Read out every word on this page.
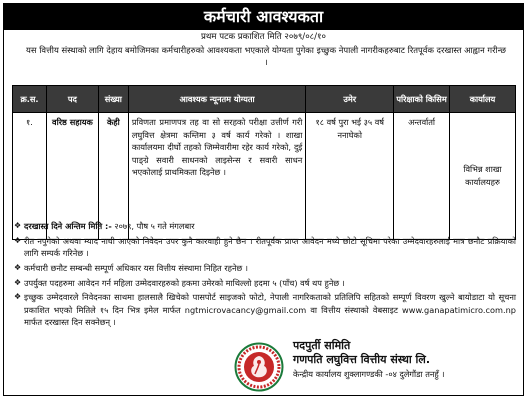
कर्मचारी आवश्यकता
प्रथम पटक प्रकाशित मिति २०७९/०८/१०
यस वित्तीय संस्थाको लागि देहाय बमोजिमका कर्मचारीहरुको आवश्यकता भएकाले योग्यता पुगेका इच्छुक नेपाली नागरीकहरुबाट रितपूर्वक दरखास्त आह्वान गरीन्छ ।
क्र.स.	पद	संख्या	आवश्यक न्यूनतम योग्यता	उमेर	परिक्षाको किसिम	कार्यालय
१.	वरिष्ठ सहायक	केही	प्रविणता प्रमाणपत्र तह वा सो सरहको परीक्षा उत्तीर्ण गरी लघुवित्त क्षेत्रमा कम्तिमा ३ वर्ष कार्य गरेको । शाखा कार्यालयमा दीर्घो तहको जिम्मेवारीमा रहेर कार्य गरेको, दुई पाङ्ग्रे सवारी साधनको लाइसेन्स र सवारी साधन भएकोलाई प्राथमिकता दिइनेछ ।	१८ वर्ष पुरा भई ३५ वर्ष ननाघेको	अन्तर्वार्ता	विभिन्न शाखा कार्यालयहरु
❖ दरखास्त दिने अन्तिम मिति :- २०७९, पौष ५ गते मंगलबार
❖ रीत नपुगेको अथवा म्याद नाघी आएको निवेदन उपर कुनै कारवाही हुने छैन । रीतपूर्वक प्राप्त आवेदन मध्ये छोटो सूचिमा परेका उम्मेदवारहरुलाई मात्र छनौट प्रक्रियाको लागि सम्पर्क गरिनेछ ।
❖ कर्मचारी छनौट सम्बन्धी सम्पूर्ण अधिकार यस वित्तीय संस्थामा निहित रहनेछ ।
❖ उपर्युक्त पदहरुमा आवेदन गर्न महिला उम्मेदवारहरुको हकमा उमेरको माथिल्लो हदमा ५ (पाँच) वर्ष थप हुनेछ ।
❖ इच्छुक उम्मेदवारले निवेदनका साथमा हालसालै खिचेको पासपोर्ट साइजको फोटो, नेपाली नागरिकताको प्रतिलिपि सहितको सम्पूर्ण विवरण खुल्ने बायोडाटा यो सूचना प्रकाशित भएको मितिले १५ दिन भित्र इमेल मार्फत ngtmicrovacancy@gmail.com वा वित्तीय संस्थाको वेबसाइट www.ganapatimicro.com.np मार्फत दरखास्त दिन सक्नेछन् ।
पदपुर्ती समिति
गणपति लघुवित्त वित्तीय संस्था लि.
केन्द्रीय कार्यालय शुक्लागण्डकी -०४ दुलेगौंडा तनहुँ ।
